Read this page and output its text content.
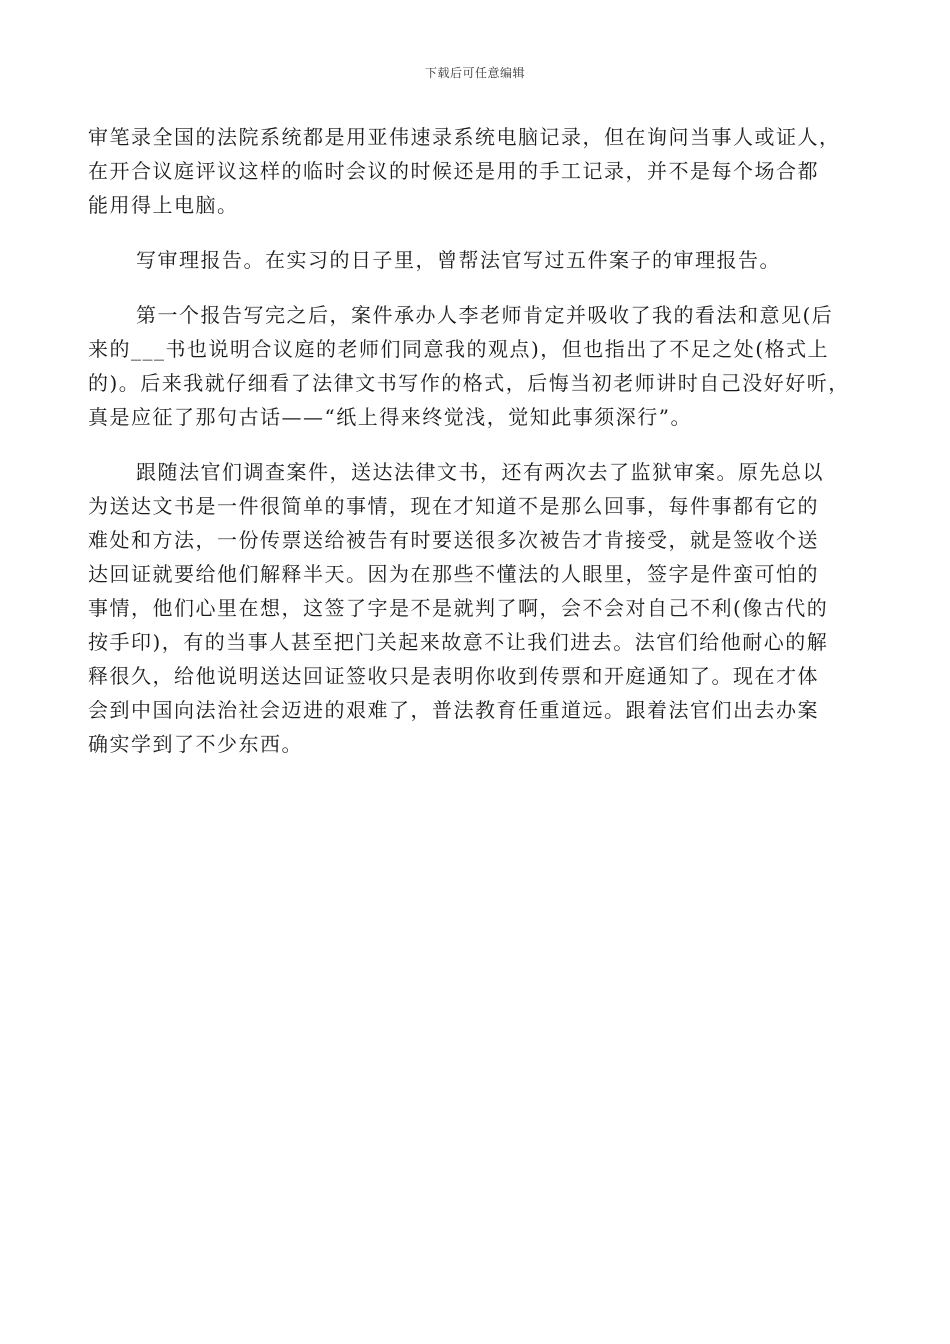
下载后可任意编辑

审笔录全国的法院系统都是用亚伟速录系统电脑记录，但在询问当事人或证人，
在开合议庭评议这样的临时会议的时候还是用的手工记录，并不是每个场合都
能用得上电脑。

写审理报告。在实习的日子里，曾帮法官写过五件案子的审理报告。

第一个报告写完之后，案件承办人李老师肯定并吸收了我的看法和意见(后
来的___书也说明合议庭的老师们同意我的观点)，但也指出了不足之处(格式上
的)。后来我就仔细看了法律文书写作的格式，后悔当初老师讲时自己没好好听，
真是应征了那句古话——“纸上得来终觉浅，觉知此事须深行”。

跟随法官们调查案件，送达法律文书，还有两次去了监狱审案。原先总以
为送达文书是一件很简单的事情，现在才知道不是那么回事，每件事都有它的
难处和方法，一份传票送给被告有时要送很多次被告才肯接受，就是签收个送
达回证就要给他们解释半天。因为在那些不懂法的人眼里，签字是件蛮可怕的
事情，他们心里在想，这签了字是不是就判了啊，会不会对自己不利(像古代的
按手印)，有的当事人甚至把门关起来故意不让我们进去。法官们给他耐心的解
释很久，给他说明送达回证签收只是表明你收到传票和开庭通知了。现在才体
会到中国向法治社会迈进的艰难了，普法教育任重道远。跟着法官们出去办案
确实学到了不少东西。
